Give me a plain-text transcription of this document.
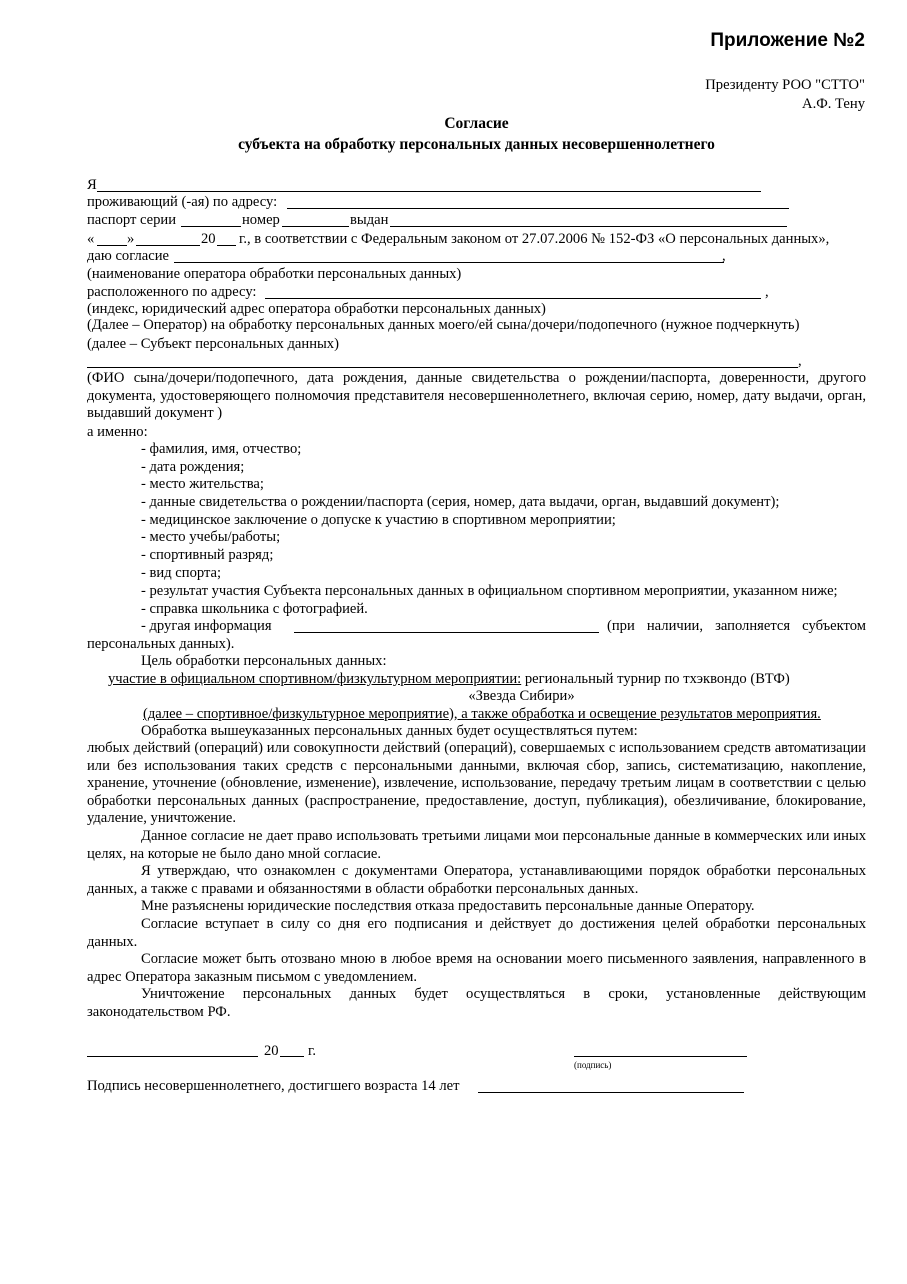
Приложение №2
Президенту РОО "СТТО"
А.Ф. Тену
Согласие
субъекта на обработку персональных данных несовершеннолетнего
Я
проживающий (-ая) по адресу:
паспорт серии	номер	выдан
« »	20 г., в соответствии с Федеральным законом от 27.07.2006 № 152-ФЗ «О персональных данных»,
даю согласие	,
(наименование оператора обработки персональных данных)
расположенного по адресу:	,
(индекс, юридический адрес оператора обработки персональных данных)
(Далее – Оператор) на обработку персональных данных моего/ей сына/дочери/подопечного (нужное подчеркнуть)
(далее – Субъект персональных данных)
,
(ФИО сына/дочери/подопечного, дата рождения, данные свидетельства о рождении/паспорта, доверенности, другого документа, удостоверяющего полномочия представителя несовершеннолетнего, включая серию, номер, дату выдачи, орган, выдавший документ )
а именно:
- фамилия, имя, отчество;
- дата рождения;
- место жительства;
- данные свидетельства о рождении/паспорта (серия, номер, дата выдачи, орган, выдавший документ);
- медицинское заключение о допуске к участию в спортивном мероприятии;
- место учебы/работы;
- спортивный разряд;
- вид спорта;
- результат участия Субъекта персональных данных в официальном спортивном мероприятии, указанном ниже;
- справка школьника с фотографией.
- другая информация	(при наличии, заполняется субъектом
персональных данных).
Цель обработки персональных данных:
участие в официальном спортивном/физкультурном мероприятии: региональный турнир по тхэквондо (ВТФ)
«Звезда Сибири»
(далее – спортивное/физкультурное мероприятие), а также обработка и освещение результатов мероприятия.
Обработка вышеуказанных персональных данных будет осуществляться путем:
любых действий (операций) или совокупности действий (операций), совершаемых с использованием средств автоматизации или без использования таких средств с персональными данными, включая сбор, запись, систематизацию, накопление, хранение, уточнение (обновление, изменение), извлечение, использование, передачу третьим лицам в соответствии с целью обработки персональных данных (распространение, предоставление, доступ, публикация), обезличивание, блокирование, удаление, уничтожение.
Данное согласие не дает право использовать третьими лицами мои персональные данные в коммерческих или иных целях, на которые не было дано мной согласие.
Я утверждаю, что ознакомлен с документами Оператора, устанавливающими порядок обработки персональных данных, а также с правами и обязанностями в области обработки персональных данных.
Мне разъяснены юридические последствия отказа предоставить персональные данные Оператору.
Согласие вступает в силу со дня его подписания и действует до достижения целей обработки персональных данных.
Согласие может быть отозвано мною в любое время на основании моего письменного заявления, направленного в адрес Оператора заказным письмом с уведомлением.
Уничтожение персональных данных будет осуществляться в сроки, установленные действующим законодательством РФ.
20 г.
(подпись)
Подпись несовершеннолетнего, достигшего возраста 14 лет
